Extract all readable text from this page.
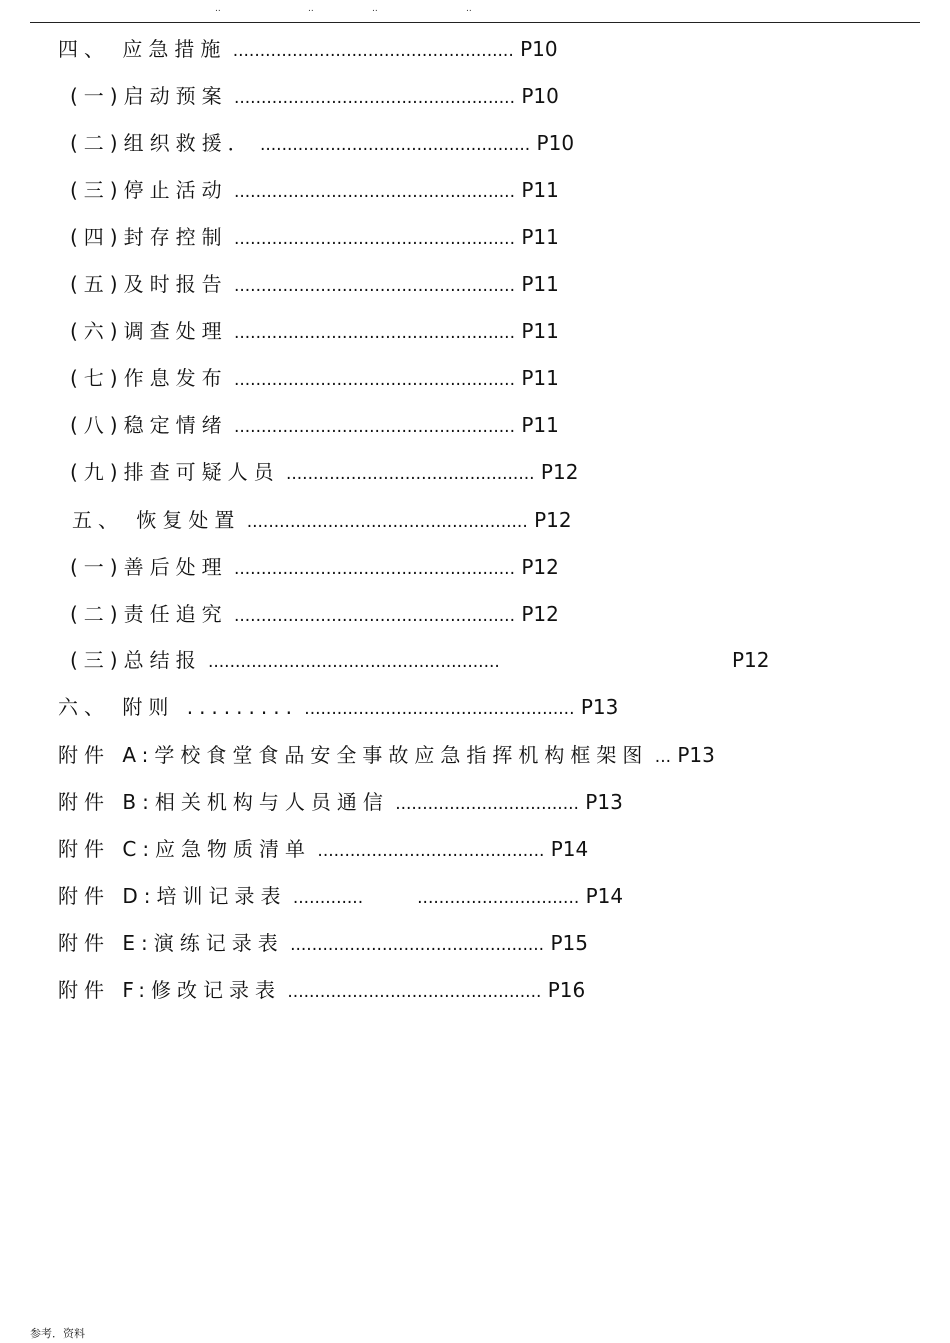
..	..	..	..
四、 应急措施 .................................................... P10
(一)启动预案 .................................................... P10
(二)组织救援． .................................................. P10
(三)停止活动 .................................................... P11
(四)封存控制 .................................................... P11
(五)及时报告 .................................................... P11
(六)调查处理 .................................................... P11
(七)作息发布 .................................................... P11
(八)稳定情绪 .................................................... P11
(九)排查可疑人员 .............................................. P12
五、 恢复处置 .................................................... P12
(一)善后处理 .................................................... P12
(二)责任追究 .................................................... P12
(三)总结报 ......................................................	P12
六、 附则 ......... .................................................. P13
附件 A:学校食堂食品安全事故应急指挥机构框架图 ... P13
附件 B:相关机构与人员通信 .................................. P13
附件 C:应急物质清单 .......................................... P14
附件 D:培训记录表 .............          .............................. P14
附件 E:演练记录表 ............................................... P15
附件 F:修改记录表 ............................................... P16
参考．资料
